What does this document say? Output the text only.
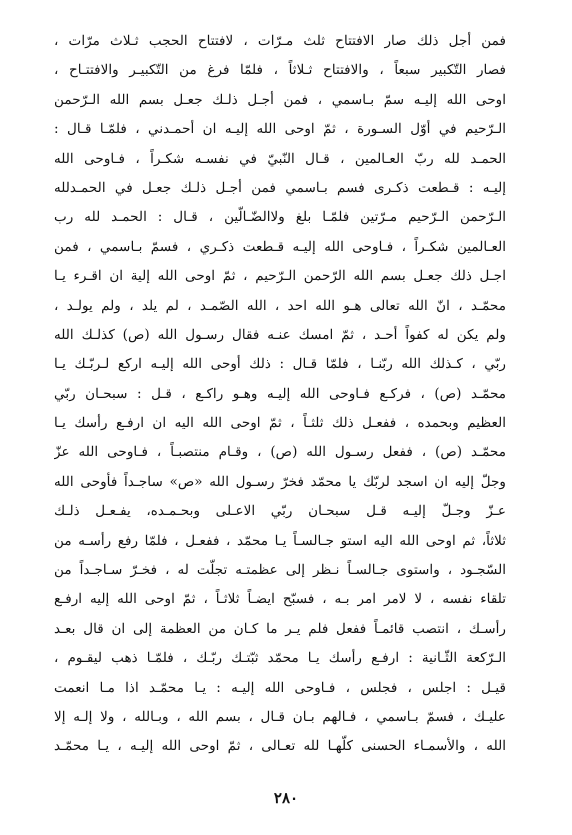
فمن أجل ذلك صار الافتتاح ثلث مـرّات ، لافتتاح الحجب ثـلاث مرّات ،
فصار التّكبير سبعاً ، والافتتاح ثـلاثاً ، فلمّا فرغ من التّكبيـر والافتتـاح ،
اوحى الله إليـه سمّ بـاسمي ، فمن أجـل ذلـك جعـل بسم الله الـرّحمن
الـرّحيم في أوّل السـورة ، ثمّ اوحى الله إليـه ان أحمـدني ، فلمّـا قـال :
الحمـد لله ربّ العـالمين ، قـال النّبيّ في نفسـه شكـراً ، فـاوحى الله
إليـه : قـطعت ذكـرى فسم بـاسمي فمن أجـل ذلـك جعـل في الحمـدلله
الـرّحمن الـرّحيم مـرّتين فلمّـا بلغ ولاالضّـالّين ، قـال : الحمـد لله رب
العـالمين شكـراً ، فـاوحى الله إليـه قـطعت ذكـري ، فسمّ بـاسمي ، فمن
اجـل ذلك جعـل بسم الله الرّحمن الـرّحيم ، ثمّ اوحى الله إلية ان اقـرء يـا
محمّـد ، انّ الله تعالى هـو الله احد ، الله الصّمـد ، لم يلد ، ولم يولـد ،
ولم يكن له كفواً أحـد ، ثمّ امسك عنـه فقال رسـول الله (ص) كذلـك الله
ربّي ، كـذلك الله ربّنـا ، فلمّا قـال : ذلك أوحى الله إليـه اركع لـربّـك يـا
محمّـد (ص) ، فركـع فـاوحى الله إليـه وهـو راكـع ، قـل : سبحـان ربّي
العظيم وبحمده ، ففعـل ذلك ثلثـاً ، ثمّ اوحى الله اليه ان ارفـع رأسك يـا
محمّـد (ص) ، ففعل رسـول الله (ص) ، وقـام منتصبـاً ، فـاوحى الله عزّ
وجلّ إليه ان اسجد لربّك يا محمّد فخرّ رسـول الله «ص» ساجـداً فأوحى الله
عـزّ وجـلّ إليـه قـل سبحـان ربّي الاعـلى وبحـمـده، يفـعـل ذلـك
ثلاثاً، ثم اوحى الله اليه استو جـالسـاً يـا محمّد ، ففعـل ، فلمّا رفع رأسـه من
السّجـود ، واستوى جـالسـاً نـظر إلى عظمتـه تجلّت له ، فخـرّ سـاجـداً من
تلقاء نفسه ، لا لامر امر بـه ، فسبّح ايضـاً ثلاثـاً ، ثمّ اوحى الله إليه ارفـع
رأسـك ، انتصب قائمـاً ففعل فلم يـر ما كـان من العظمة إلى ان قال بعـد
الـرّكعة الثّـانية : ارفـع رأسك يـا محمّد ثبّتـك ربّـك ، فلمّـا ذهب ليقـوم ،
قيـل : اجلس ، فجلس ، فـاوحى الله إليـه : يـا محمّـد اذا مـا انعمت
عليـك ، فسمّ بـاسمي ، فـالهم بـان قـال ، بسم الله ، وبـالله ، ولا إلـه إلا
الله ، والأسمـاء الحسنى كلّهـا لله تعـالى ، ثمّ اوحى الله إليـه ، يـا محمّـد
٢٨٠
